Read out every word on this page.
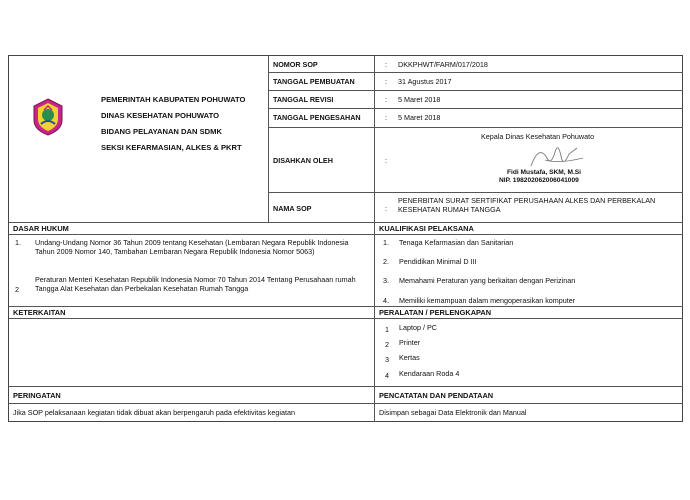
PEMERINTAH KABUPATEN POHUWATO
DINAS KESEHATAN POHUWATO
BIDANG PELAYANAN DAN SDMK
SEKSI KEFARMASIAN, ALKES & PKRT
NOMOR SOP	: DKKPHWT/FARM/017/2018
TANGGAL PEMBUATAN	: 31 Agustus 2017
TANGGAL REVISI	: 5 Maret 2018
TANGGAL PENGESAHAN	: 5 Maret 2018
DISAHKAN OLEH	:
Kepala Dinas Kesehatan Pohuwato
Fidi Mustafa, SKM, M.Si
NIP. 198202062006041009
NAMA SOP	:
PENERBITAN SURAT SERTIFIKAT PERUSAHAAN ALKES DAN PERBEKALAN KESEHATAN RUMAH TANGGA
DASAR HUKUM
1. Undang-Undang Nomor 36 Tahun 2009 tentang Kesehatan (Lembaran Negara Republik Indonesia Tahun 2009 Nomor 140, Tambahan Lembaran Negara Republik Indonesia Nomor 5063)
2
Peraturan Menteri Kesehatan Republik Indonesia Nomor 70 Tahun 2014 Tentang Perusahaan rumah Tangga Alat Kesehatan dan Perbekalan Kesehatan Rumah Tangga
KUALIFIKASI PELAKSANA
1. Tenaga Kefarmasian dan Sanitarian
2. Pendidikan Minimal D III
3. Memahami Peraturan yang berkaitan dengan Perizinan
4. Memiliki kemampuan dalam mengoperasikan komputer
KETERKAITAN	PERALATAN / PERLENGKAPAN
1 Laptop / PC
2 Printer
3 Kertas
4 Kendaraan Roda 4
PERINGATAN
Jika SOP pelaksanaan kegiatan tidak dibuat akan berpengaruh pada efektivitas kegiatan
PENCATATAN DAN PENDATAAN
Disimpan sebagai Data Elektronik dan Manual
